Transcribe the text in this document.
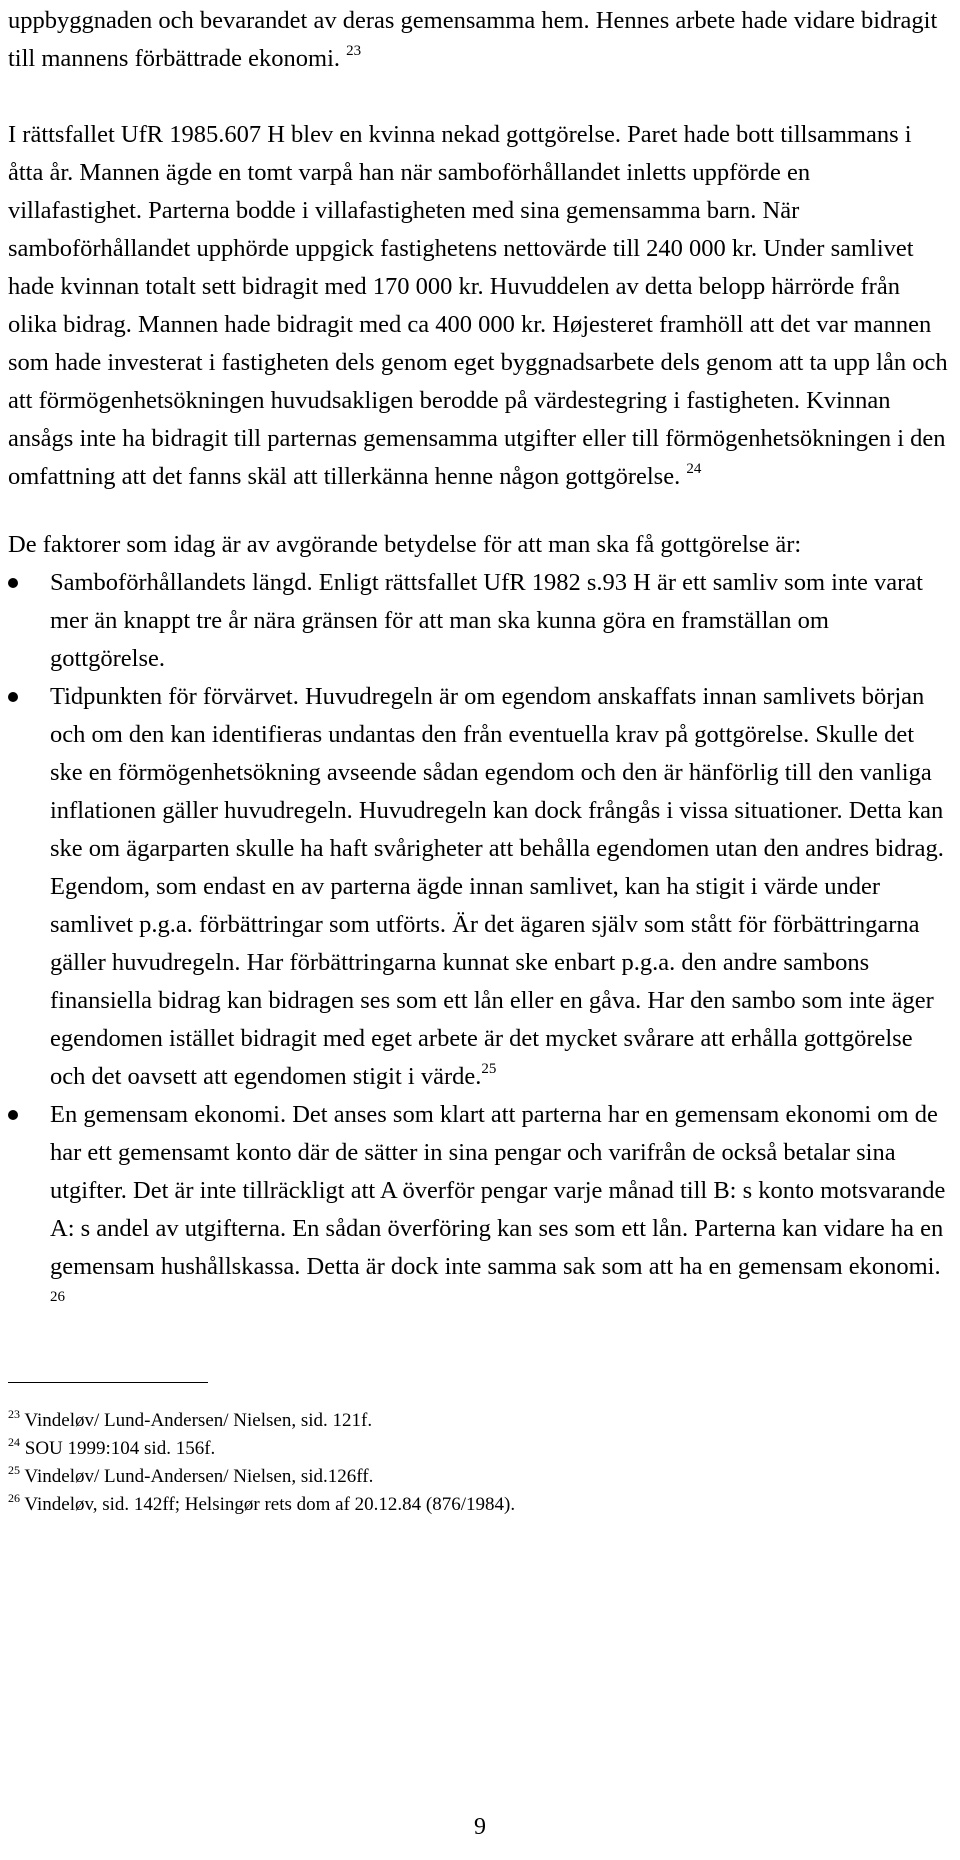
uppbyggnaden och bevarandet av deras gemensamma hem. Hennes arbete hade vidare bidragit till mannens förbättrade ekonomi. $^{23}$

I rättsfallet UfR 1985.607 H blev en kvinna nekad gottgörelse. Paret hade bott tillsammans i åtta år. Mannen ägde en tomt varpå han när samboförhållandet inletts uppförde en villafastighet. Parterna bodde i villafastigheten med sina gemensamma barn. När samboförhållandet upphörde uppgick fastighetens nettovärde till 240 000 kr. Under samlivet hade kvinnan totalt sett bidragit med 170 000 kr. Huvuddelen av detta belopp härrörde från olika bidrag. Mannen hade bidragit med ca 400 000 kr. Højesteret framhöll att det var mannen som hade investerat i fastigheten dels genom eget byggnadsarbete dels genom att ta upp lån och att förmögenhetsökningen huvudsakligen berodde på värdestegring i fastigheten. Kvinnan ansågs inte ha bidragit till parternas gemensamma utgifter eller till förmögenhetsökningen i den omfattning att det fanns skäl att tillerkänna henne någon gottgörelse. $^{24}$

De faktorer som idag är av avgörande betydelse för att man ska få gottgörelse är:

Samboförhållandets längd. Enligt rättsfallet UfR 1982 s.93 H är ett samliv som inte varat mer än knappt tre år nära gränsen för att man ska kunna göra en framställan om gottgörelse.
Tidpunkten för förvärvet. Huvudregeln är om egendom anskaffats innan samlivets början och om den kan identifieras undantas den från eventuella krav på gottgörelse. Skulle det ske en förmögenhetsökning avseende sådan egendom och den är hänförlig till den vanliga inflationen gäller huvudregeln. Huvudregeln kan dock frångås i vissa situationer. Detta kan ske om ägarparten skulle ha haft svårigheter att behålla egendomen utan den andres bidrag. Egendom, som endast en av parterna ägde innan samlivet, kan ha stigit i värde under samlivet p.g.a. förbättringar som utförts. Är det ägaren själv som stått för förbättringarna gäller huvudregeln. Har förbättringarna kunnat ske enbart p.g.a. den andre sambons finansiella bidrag kan bidragen ses som ett lån eller en gåva. Har den sambo som inte äger egendomen istället bidragit med eget arbete är det mycket svårare att erhålla gottgörelse och det oavsett att egendomen stigit i värde.$^{25}$
En gemensam ekonomi. Det anses som klart att parterna har en gemensam ekonomi om de har ett gemensamt konto där de sätter in sina pengar och varifrån de också betalar sina utgifter. Det är inte tillräckligt att A överför pengar varje månad till B: s konto motsvarande A: s andel av utgifterna. En sådan överföring kan ses som ett lån. Parterna kan vidare ha en gemensam hushållskassa. Detta är dock inte samma sak som att ha en gemensam ekonomi. $^{26}$
$^{23}$ Vindeløv/ Lund-Andersen/ Nielsen, sid. 121f.
$^{24}$ SOU 1999:104 sid. 156f.
$^{25}$ Vindeløv/ Lund-Andersen/ Nielsen, sid.126ff.
$^{26}$ Vindeløv, sid. 142ff; Helsingør rets dom af 20.12.84 (876/1984).
9
